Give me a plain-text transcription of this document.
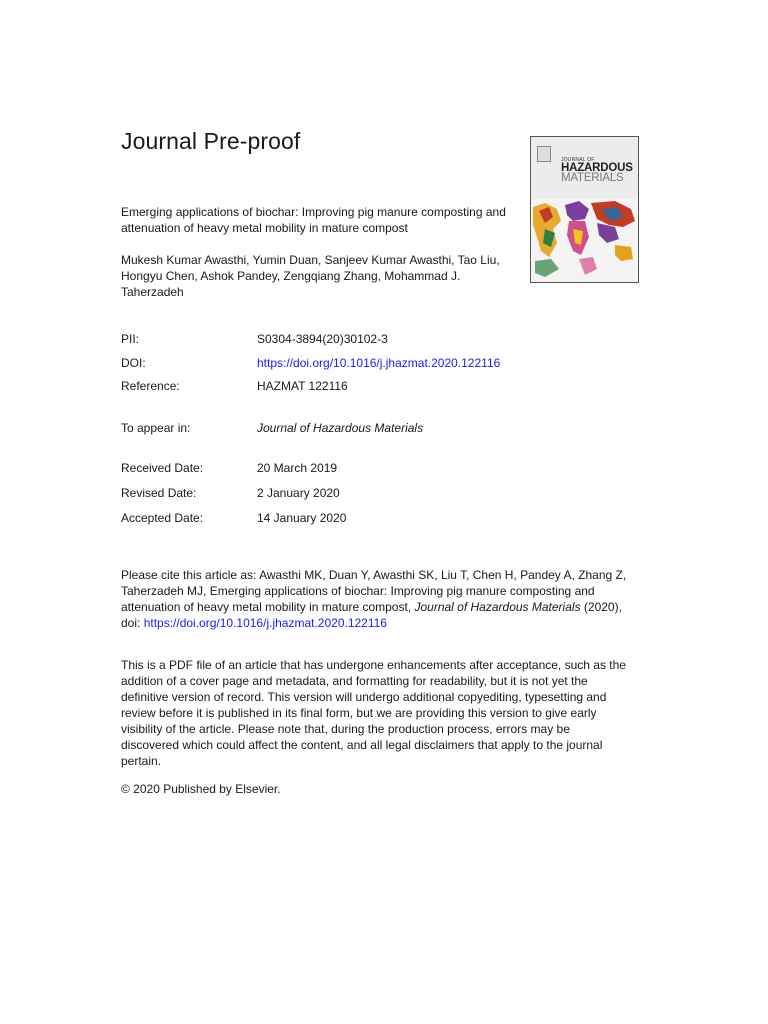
Journal Pre-proof	· · · · · · · · ·
JOURNAL OF
HAZARDOUS
MATERIALS
Emerging applications of biochar: Improving pig manure composting and attenuation of heavy metal mobility in mature compost
Mukesh Kumar Awasthi, Yumin Duan, Sanjeev Kumar Awasthi, Tao Liu, Hongyu Chen, Ashok Pandey, Zengqiang Zhang, Mohammad J. Taherzadeh
PII:	S0304-3894(20)30102-3
DOI:	https://doi.org/10.1016/j.jhazmat.2020.122116
Reference:	HAZMAT 122116
To appear in:	Journal of Hazardous Materials
Received Date:	20 March 2019
Revised Date:	2 January 2020
Accepted Date:	14 January 2020
Please cite this article as: Awasthi MK, Duan Y, Awasthi SK, Liu T, Chen H, Pandey A, Zhang Z, Taherzadeh MJ, Emerging applications of biochar: Improving pig manure composting and attenuation of heavy metal mobility in mature compost, Journal of Hazardous Materials (2020), doi: https://doi.org/10.1016/j.jhazmat.2020.122116
This is a PDF file of an article that has undergone enhancements after acceptance, such as the addition of a cover page and metadata, and formatting for readability, but it is not yet the definitive version of record. This version will undergo additional copyediting, typesetting and review before it is published in its final form, but we are providing this version to give early visibility of the article. Please note that, during the production process, errors may be discovered which could affect the content, and all legal disclaimers that apply to the journal pertain.
© 2020 Published by Elsevier.
